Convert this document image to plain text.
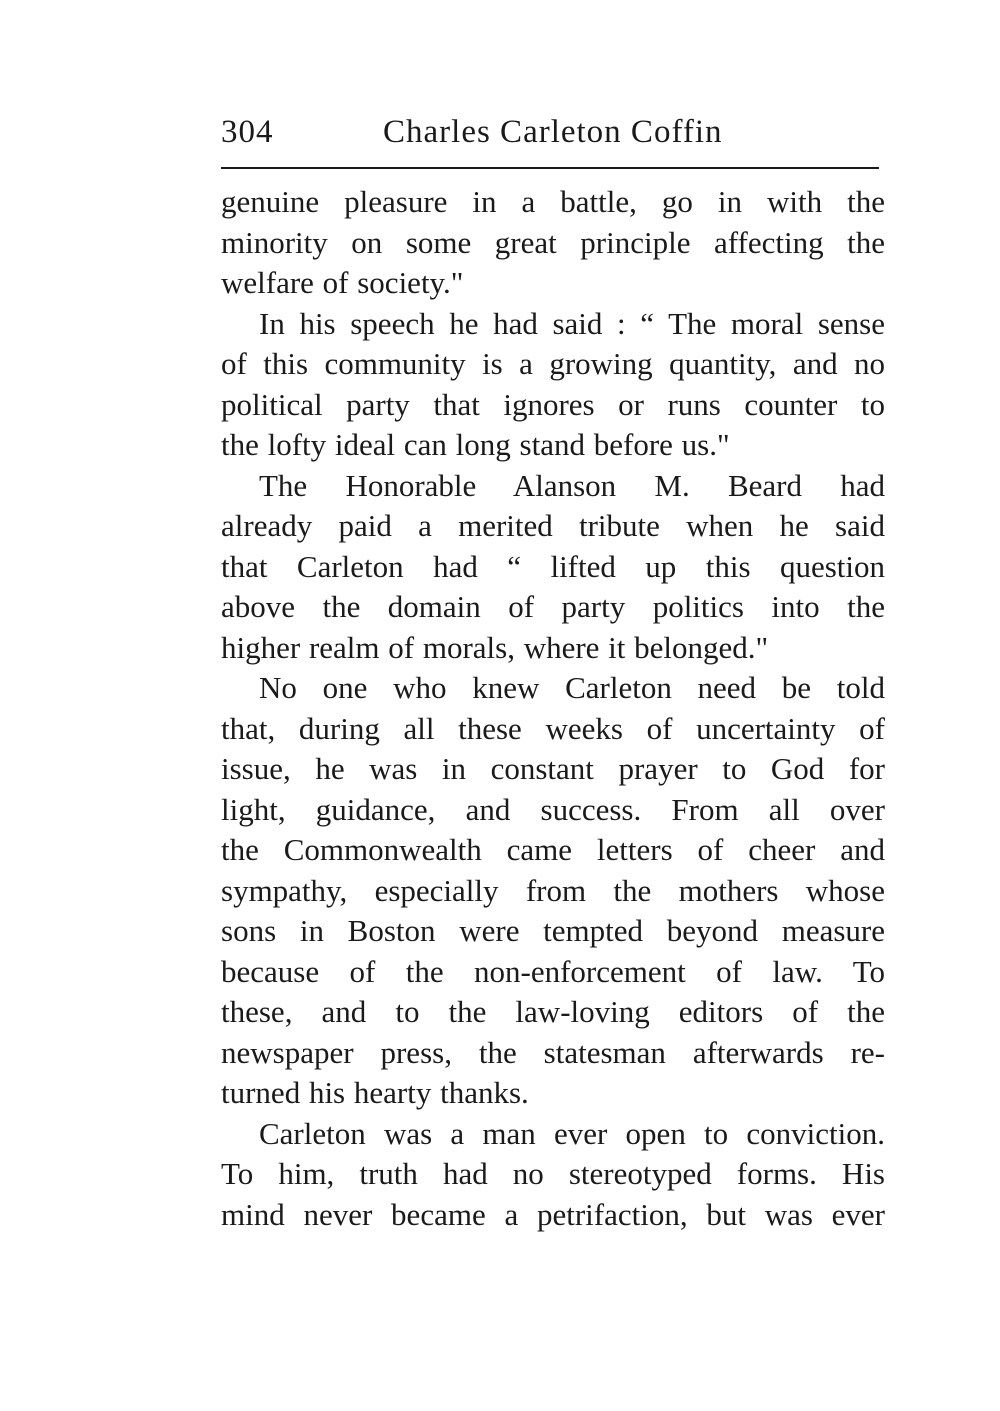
304	Charles Carleton Coffin
genuine pleasure in a battle, go in with the
minority on some great principle affecting the
welfare of society."
In his speech he had said : “ The moral sense
of this community is a growing quantity, and no
political party that ignores or runs counter to
the lofty ideal can long stand before us."
The Honorable Alanson M. Beard had
already paid a merited tribute when he said
that Carleton had “ lifted up this question
above the domain of party politics into the
higher realm of morals, where it belonged."
No one who knew Carleton need be told
that, during all these weeks of uncertainty of
issue, he was in constant prayer to God for
light, guidance, and success. From all over
the Commonwealth came letters of cheer and
sympathy, especially from the mothers whose
sons in Boston were tempted beyond measure
because of the non-enforcement of law. To
these, and to the law-loving editors of the
newspaper press, the statesman afterwards re-
turned his hearty thanks.
Carleton was a man ever open to conviction.
To him, truth had no stereotyped forms. His
mind never became a petrifaction, but was ever
